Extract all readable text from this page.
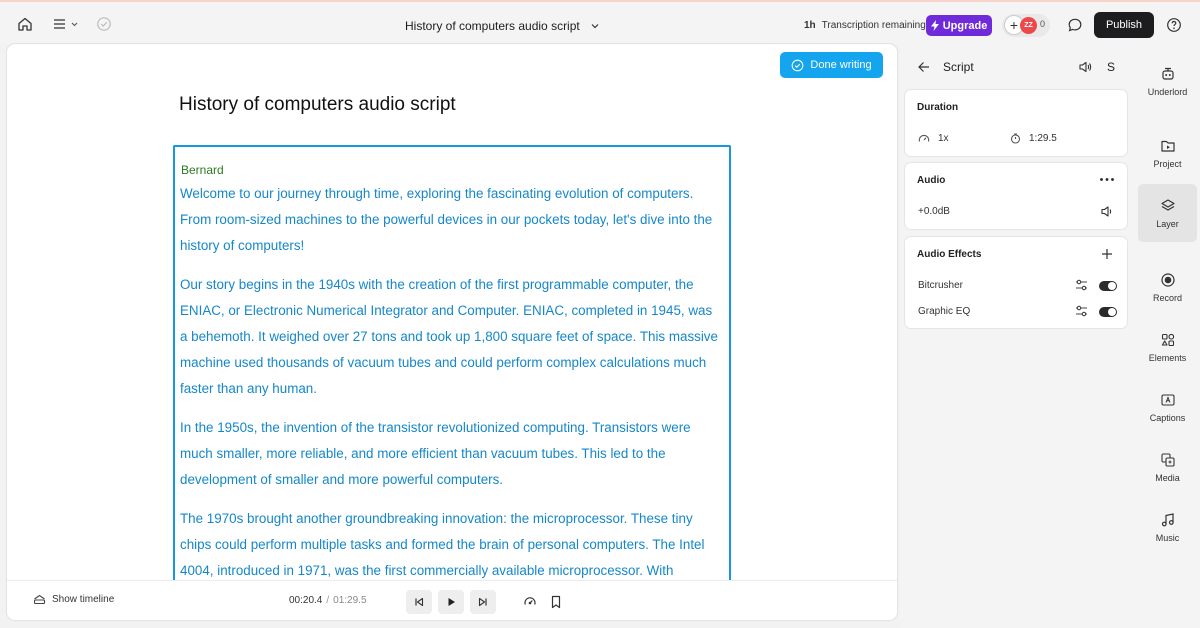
History of computers audio script	1h Transcription remaining Upgrade	+ ZZ 0	Publish
Done writing
History of computers audio script
Bernard

Welcome to our journey through time, exploring the fascinating evolution of computers. From room-sized machines to the powerful devices in our pockets today, let's dive into the history of computers!

Our story begins in the 1940s with the creation of the first programmable computer, the ENIAC, or Electronic Numerical Integrator and Computer. ENIAC, completed in 1945, was a behemoth. It weighed over 27 tons and took up 1,800 square feet of space. This massive machine used thousands of vacuum tubes and could perform complex calculations much faster than any human.

In the 1950s, the invention of the transistor revolutionized computing. Transistors were much smaller, more reliable, and more efficient than vacuum tubes. This led to the development of smaller and more powerful computers.

The 1970s brought another groundbreaking innovation: the microprocessor. These tiny chips could perform multiple tasks and formed the brain of personal computers. The Intel 4004, introduced in 1971, was the first commercially available microprocessor. With

Show timeline	00:20.4 / 01:29.5
Script	S
Duration
1x	1:29.5
Audio
+0.0dB
Audio Effects
Bitcrusher
Graphic EQ
Underlord
Project
Layer
Record
Elements
Captions
Media
Music
